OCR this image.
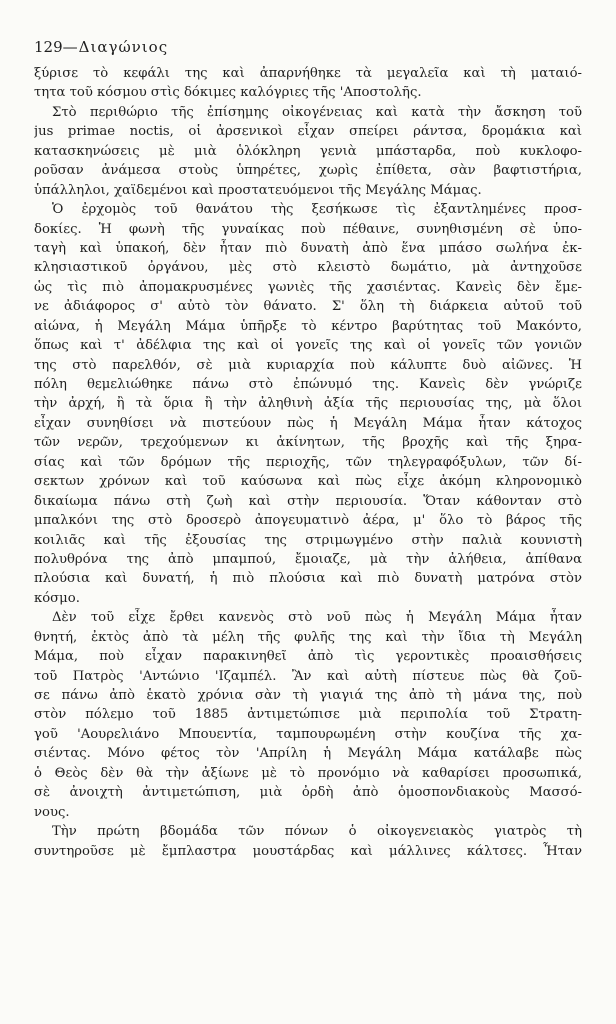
129—Διαγώνιος
ξύρισε τὸ κεφάλι της καὶ ἀπαρνήθηκε τὰ μεγαλεῖα καὶ τὴ ματαιό-
τητα τοῦ κόσμου στὶς δόκιμες καλόγριες τῆς 'Αποστολῆς.
Στὸ περιθώριο τῆς ἐπίσημης οἰκογένειας καὶ κατὰ τὴν ἄσκηση τοῦ
jus primae noctis, οἱ ἀρσενικοὶ εἶχαν σπείρει ράντσα, δρομάκια καὶ
κατασκηνώσεις μὲ μιὰ ὁλόκληρη γενιὰ μπάσταρδα, ποὺ κυκλοφο-
ροῦσαν ἀνάμεσα στοὺς ὑπηρέτες, χωρὶς ἐπίθετα, σὰν βαφτιστήρια,
ὑπάλληλοι, χαϊδεμένοι καὶ προστατευόμενοι τῆς Μεγάλης Μάμας.
Ὁ ἐρχομὸς τοῦ θανάτου τὴς ξεσήκωσε τὶς ἐξαντλημένες προσ-
δοκίες. Ἡ φωνὴ τῆς γυναίκας ποὺ πέθαινε, συνηθισμένη σὲ ὑπο-
ταγὴ καὶ ὑπακοή, δὲν ἦταν πιὸ δυνατὴ ἀπὸ ἕνα μπάσο σωλήνα ἐκ-
κλησιαστικοῦ ὀργάνου, μὲς στὸ κλειστὸ δωμάτιο, μὰ ἀντηχοῦσε
ὡς τὶς πιὸ ἀπομακρυσμένες γωνιὲς τῆς χασιέντας. Κανεὶς δὲν ἔμε-
νε ἀδιάφορος σ' αὐτὸ τὸν θάνατο. Σ' ὅλη τὴ διάρκεια αὐτοῦ τοῦ
αἰώνα, ἡ Μεγάλη Μάμα ὑπῆρξε τὸ κέντρο βαρύτητας τοῦ Μακόντο,
ὅπως καὶ τ' ἀδέλφια της καὶ οἱ γονεῖς της καὶ οἱ γονεῖς τῶν γονιῶν
της στὸ παρελθόν, σὲ μιὰ κυριαρχία ποὺ κάλυπτε δυὸ αἰῶνες. Ἡ
πόλη θεμελιώθηκε πάνω στὸ ἐπώνυμό της. Κανεὶς δὲν γνώριζε
τὴν ἀρχή, ἢ τὰ ὅρια ἢ τὴν ἀληθινὴ ἀξία τῆς περιουσίας της, μὰ ὅλοι
εἶχαν συνηθίσει νὰ πιστεύουν πὼς ἡ Μεγάλη Μάμα ἦταν κάτοχος
τῶν νερῶν, τρεχούμενων κι ἀκίνητων, τῆς βροχῆς καὶ τῆς ξηρα-
σίας καὶ τῶν δρόμων τῆς περιοχῆς, τῶν τηλεγραφόξυλων, τῶν δί-
σεκτων χρόνων καὶ τοῦ καύσωνα καὶ πὼς εἶχε ἀκόμη κληρονομικὸ
δικαίωμα πάνω στὴ ζωὴ καὶ στὴν περιουσία. Ὅταν κάθονταν στὸ
μπαλκόνι της στὸ δροσερὸ ἀπογευματινὸ ἀέρα, μ' ὅλο τὸ βάρος τῆς
κοιλιᾶς καὶ τῆς ἐξουσίας της στριμωγμένο στὴν παλιὰ κουνιστὴ
πολυθρόνα της ἀπὸ μπαμπού, ἔμοιαζε, μὰ τὴν ἀλήθεια, ἀπίθανα
πλούσια καὶ δυνατή, ἡ πιὸ πλούσια καὶ πιὸ δυνατὴ ματρόνα στὸν
κόσμο.
Δὲν τοῦ εἶχε ἔρθει κανενὸς στὸ νοῦ πὼς ἡ Μεγάλη Μάμα ἦταν
θνητή, ἐκτὸς ἀπὸ τὰ μέλη τῆς φυλῆς της καὶ τὴν ἴδια τὴ Μεγάλη
Μάμα, ποὺ εἶχαν παρακινηθεῖ ἀπὸ τὶς γεροντικὲς προαισθήσεις
τοῦ Πατρὸς 'Αντώνιο 'Ιζαμπέλ. Ἂν καὶ αὐτὴ πίστευε πὼς θὰ ζοῦ-
σε πάνω ἀπὸ ἑκατὸ χρόνια σὰν τὴ γιαγιά της ἀπὸ τὴ μάνα της, ποὺ
στὸν πόλεμο τοῦ 1885 ἀντιμετώπισε μιὰ περιπολία τοῦ Στρατη-
γοῦ 'Αουρελιάνο Μπουεντία, ταμπουρωμένη στὴν κουζίνα τῆς χα-
σιέντας. Μόνο φέτος τὸν 'Απρίλη ἡ Μεγάλη Μάμα κατάλαβε πὼς
ὁ Θεὸς δὲν θὰ τὴν ἀξίωνε μὲ τὸ προνόμιο νὰ καθαρίσει προσωπικά,
σὲ ἀνοιχτὴ ἀντιμετώπιση, μιὰ ὀρδὴ ἀπὸ ὁμοσπονδιακοὺς Μασσό-
νους.
Τὴν πρώτη βδομάδα τῶν πόνων ὁ οἰκογενειακὸς γιατρὸς τὴ
συντηροῦσε μὲ ἔμπλαστρα μουστάρδας καὶ μάλλινες κάλτσες. Ἦταν
